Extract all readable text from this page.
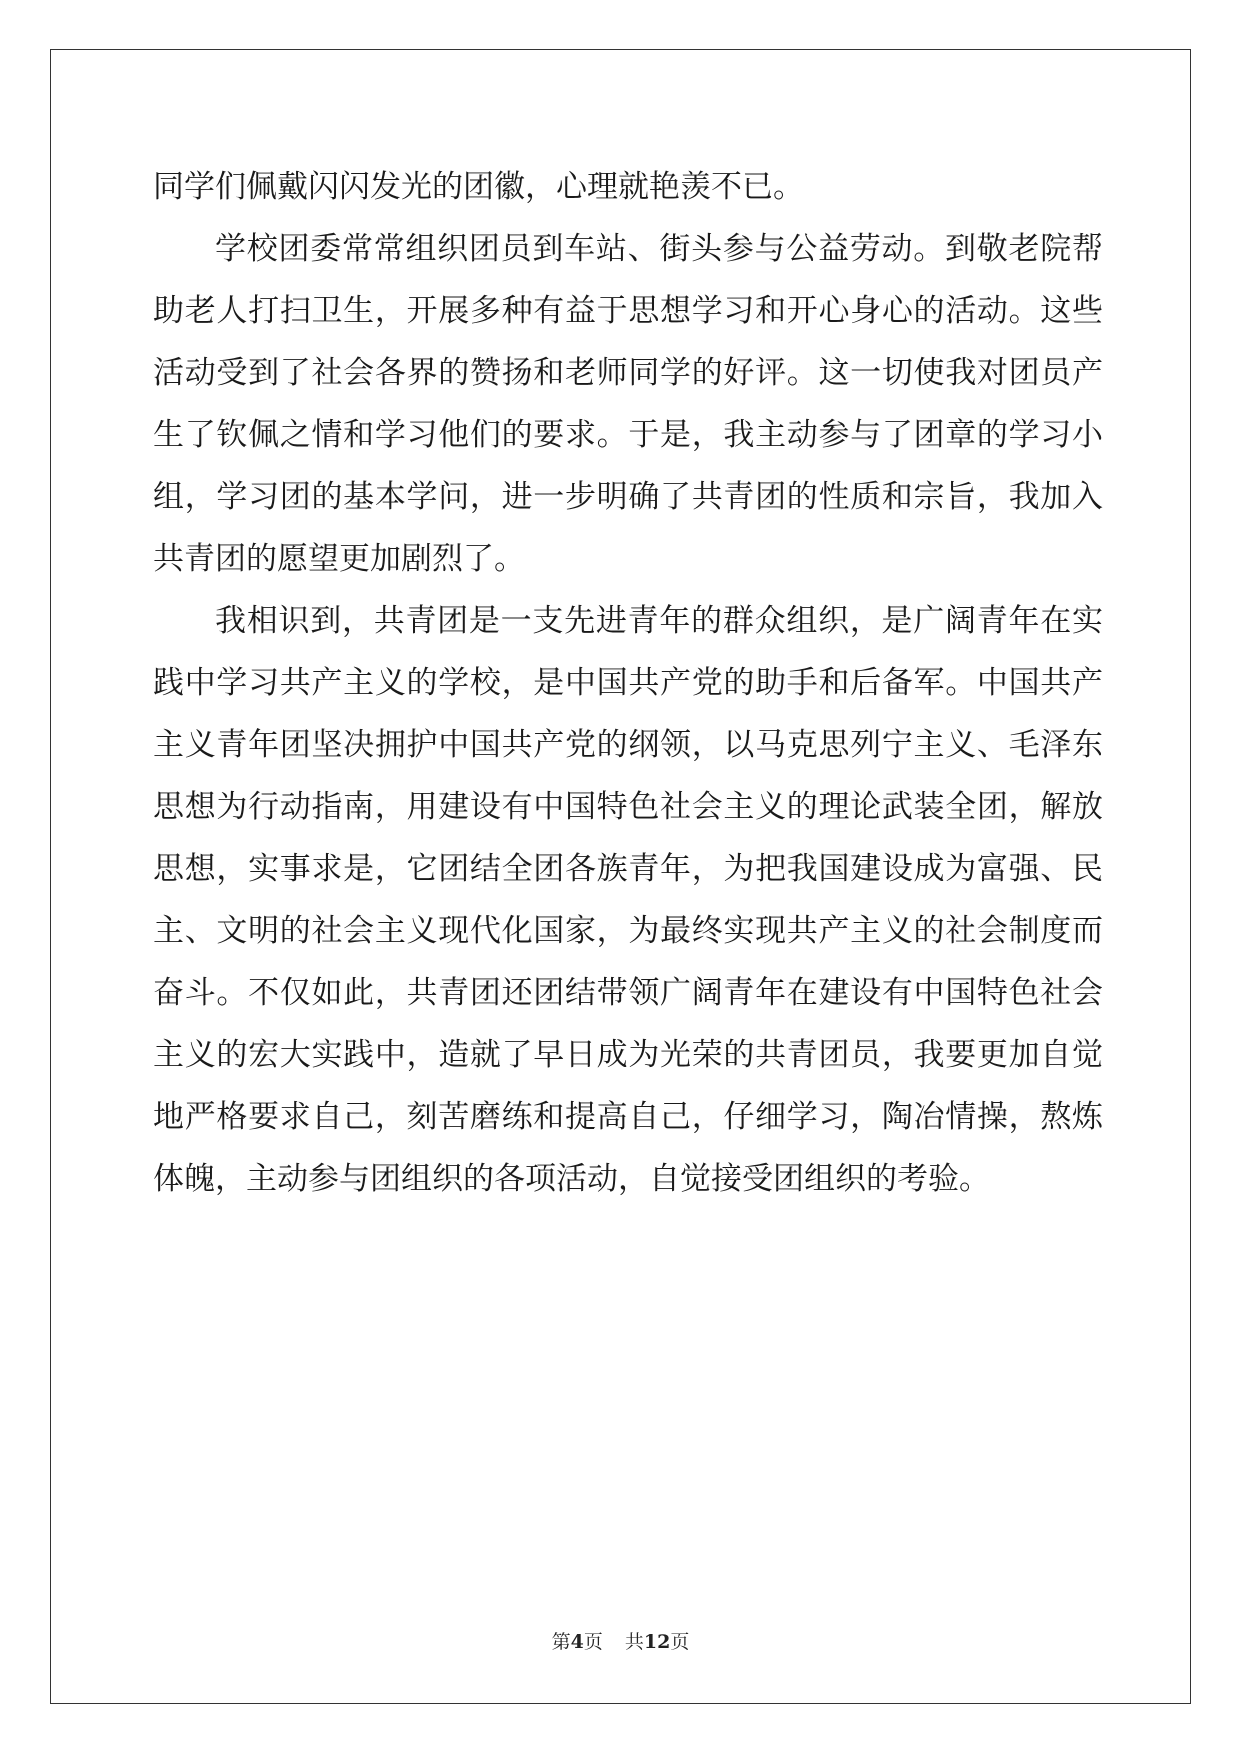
同学们佩戴闪闪发光的团徽，心理就艳羡不已。
学校团委常常组织团员到车站、街头参与公益劳动。到敬老院帮
助老人打扫卫生，开展多种有益于思想学习和开心身心的活动。这些
活动受到了社会各界的赞扬和老师同学的好评。这一切使我对团员产
生了钦佩之情和学习他们的要求。于是，我主动参与了团章的学习小
组，学习团的基本学问，进一步明确了共青团的性质和宗旨，我加入
共青团的愿望更加剧烈了。
我相识到，共青团是一支先进青年的群众组织，是广阔青年在实
践中学习共产主义的学校，是中国共产党的助手和后备军。中国共产
主义青年团坚决拥护中国共产党的纲领，以马克思列宁主义、毛泽东
思想为行动指南，用建设有中国特色社会主义的理论武装全团，解放
思想，实事求是，它团结全团各族青年，为把我国建设成为富强、民
主、文明的社会主义现代化国家，为最终实现共产主义的社会制度而
奋斗。不仅如此，共青团还团结带领广阔青年在建设有中国特色社会
主义的宏大实践中，造就了早日成为光荣的共青团员，我要更加自觉
地严格要求自己，刻苦磨练和提高自己，仔细学习，陶冶情操，熬炼
体魄，主动参与团组织的各项活动，自觉接受团组织的考验。
第4页 共12页
